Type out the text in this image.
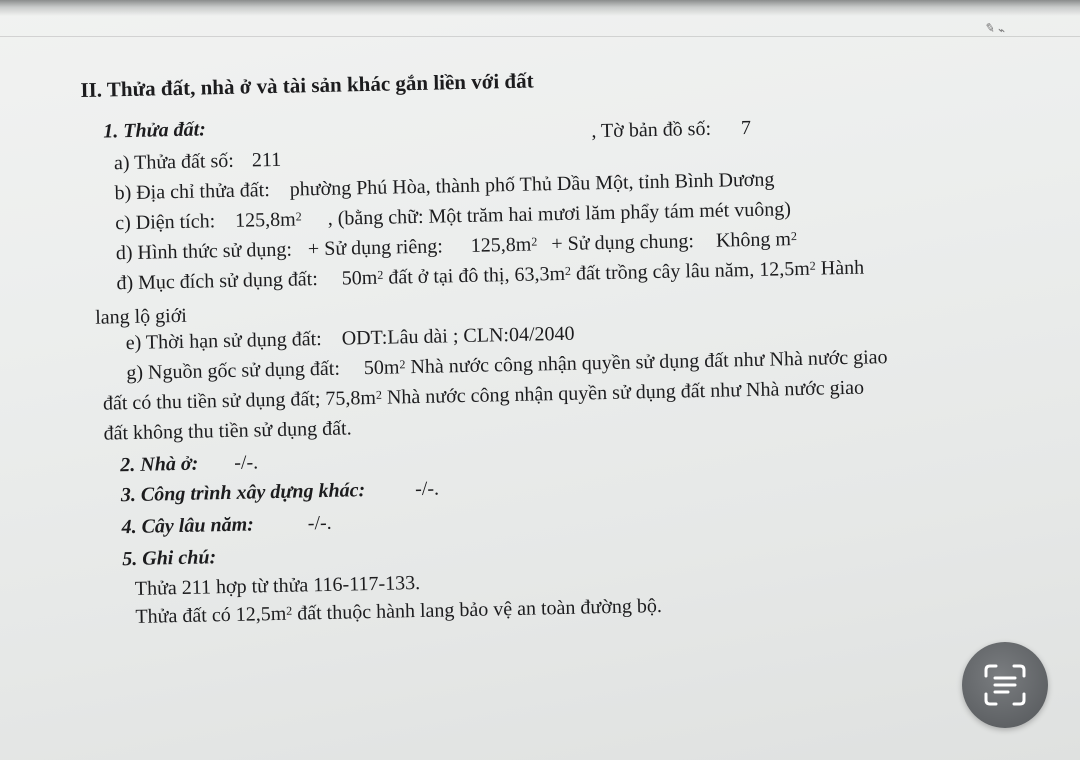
II. Thửa đất, nhà ở và tài sản khác gắn liền với đất
1. Thửa đất:	, Tờ bản đồ số: 7
a) Thửa đất số: 211
b) Địa chỉ thửa đất: phường Phú Hòa, thành phố Thủ Dầu Một, tỉnh Bình Dương
c) Diện tích: $125,8m^2$ , (bằng chữ: Một trăm hai mươi lăm phẩy tám mét vuông)
d) Hình thức sử dụng: + Sử dụng riêng: $125,8m^2$ + Sử dụng chung: Không $m^2$
đ) Mục đích sử dụng đất: $50m^2$ đất ở tại đô thị, $63,3m^2$ đất trồng cây lâu năm, $12,5m^2$ Hành
lang lộ giới
e) Thời hạn sử dụng đất: ODT:Lâu dài ; CLN:04/2040
g) Nguồn gốc sử dụng đất: $50m^2$ Nhà nước công nhận quyền sử dụng đất như Nhà nước giao
đất có thu tiền sử dụng đất; $75,8m^2$ Nhà nước công nhận quyền sử dụng đất như Nhà nước giao
đất không thu tiền sử dụng đất.
2. Nhà ở: -/-.
3. Công trình xây dựng khác: -/-.
4. Cây lâu năm:	-/-.
5. Ghi chú:
Thửa 211 hợp từ thửa 116-117-133.
Thửa đất có $12,5m^2$ đất thuộc hành lang bảo vệ an toàn đường bộ.
✎ ⌁
